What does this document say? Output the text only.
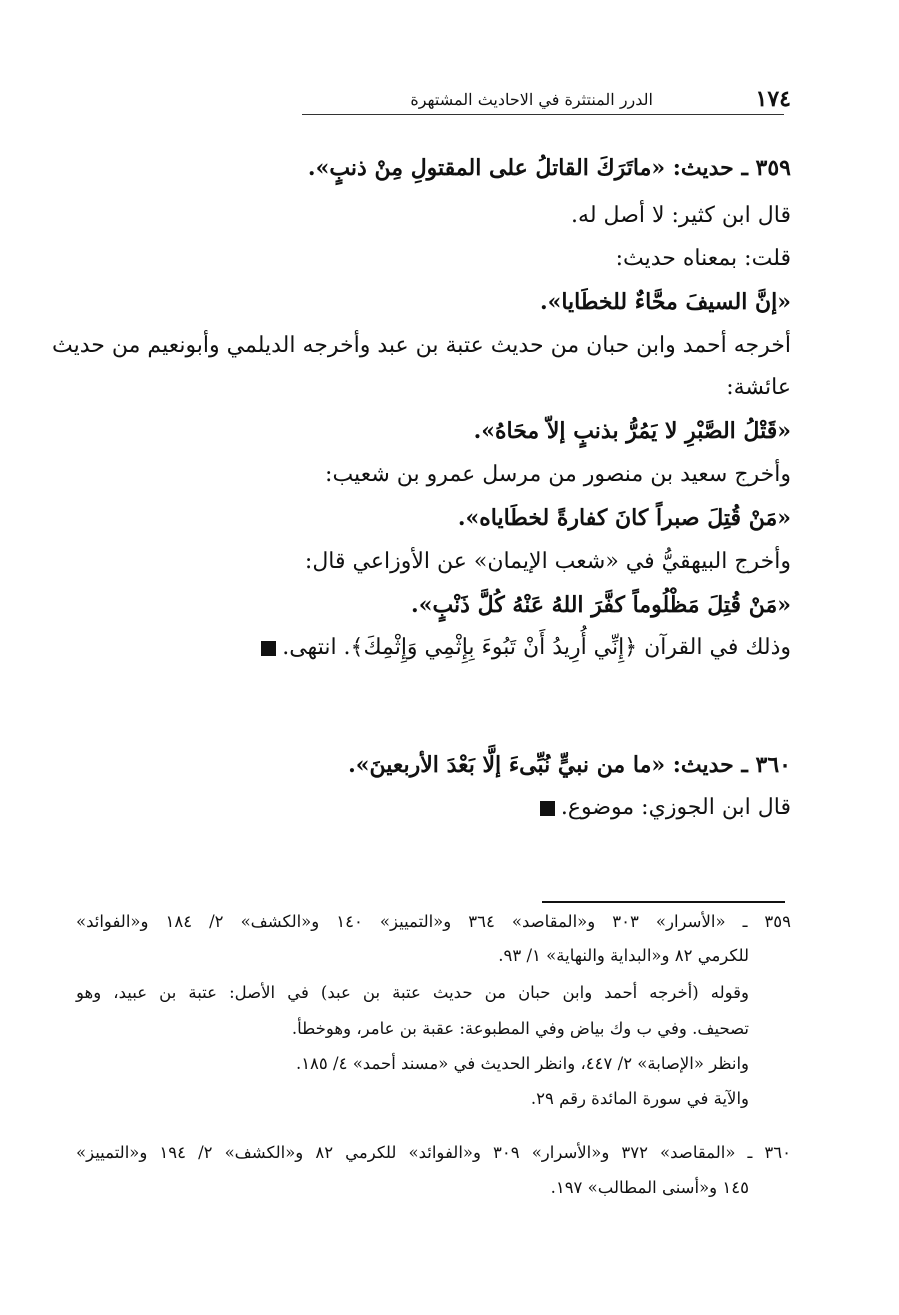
١٧٤
الدرر المنتثرة في الاحاديث المشتهرة
٣٥٩ ـ حديث: «ماتَرَكَ القاتلُ على المقتولِ مِنْ ذنبٍ».
قال ابن كثير: لا أصل له.
قلت: بمعناه حديث:
«إنَّ السيفَ محَّاءٌ للخطَايا».
أخرجه أحمد وابن حبان من حديث عتبة بن عبد وأخرجه الديلمي وأبونعيم من حديث
عائشة:
«قَتْلُ الصَّبْرِ لا يَمُرُّ بذنبٍ إلاّ محَاهُ».
وأخرج سعيد بن منصور من مرسل عمرو بن شعيب:
«مَنْ قُتِلَ صبراً كانَ كفارةً لخطَاياه».
وأخرج البيهقيُّ في «شعب الإيمان» عن الأوزاعي قال:
«مَنْ قُتِلَ مَظْلُوماً كفَّرَ اللهُ عَنْهُ كُلَّ ذَنْبٍ».
وذلك في القرآن ﴿إِنِّي أُرِيدُ أَنْ تَبُوءَ بِإِثْمِي وَإِثْمِكَ﴾. انتهى.
٣٦٠ ـ حديث: «ما من نبيٍّ نُبِّىءَ إلَّا بَعْدَ الأربعينَ».
قال ابن الجوزي: موضوع.
٣٥٩ ـ «الأسرار» ٣٠٣ و«المقاصد» ٣٦٤ و«التمييز» ١٤٠ و«الكشف» ٢/ ١٨٤ و«الفوائد»
للكرمي ٨٢ و«البداية والنهاية» ١/ ٩٣.
وقوله (أخرجه أحمد وابن حبان من حديث عتبة بن عبد) في الأصل: عتبة بن عبيد، وهو
تصحيف. وفي ب وك بياض وفي المطبوعة: عقبة بن عامر، وهوخطأ.
وانظر «الإصابة» ٢/ ٤٤٧، وانظر الحديث في «مسند أحمد» ٤/ ١٨٥.
والآية في سورة المائدة رقم ٢٩.
٣٦٠ ـ «المقاصد» ٣٧٢ و«الأسرار» ٣٠٩ و«الفوائد» للكرمي ٨٢ و«الكشف» ٢/ ١٩٤ و«التمييز»
١٤٥ و«أسنى المطالب» ١٩٧.
